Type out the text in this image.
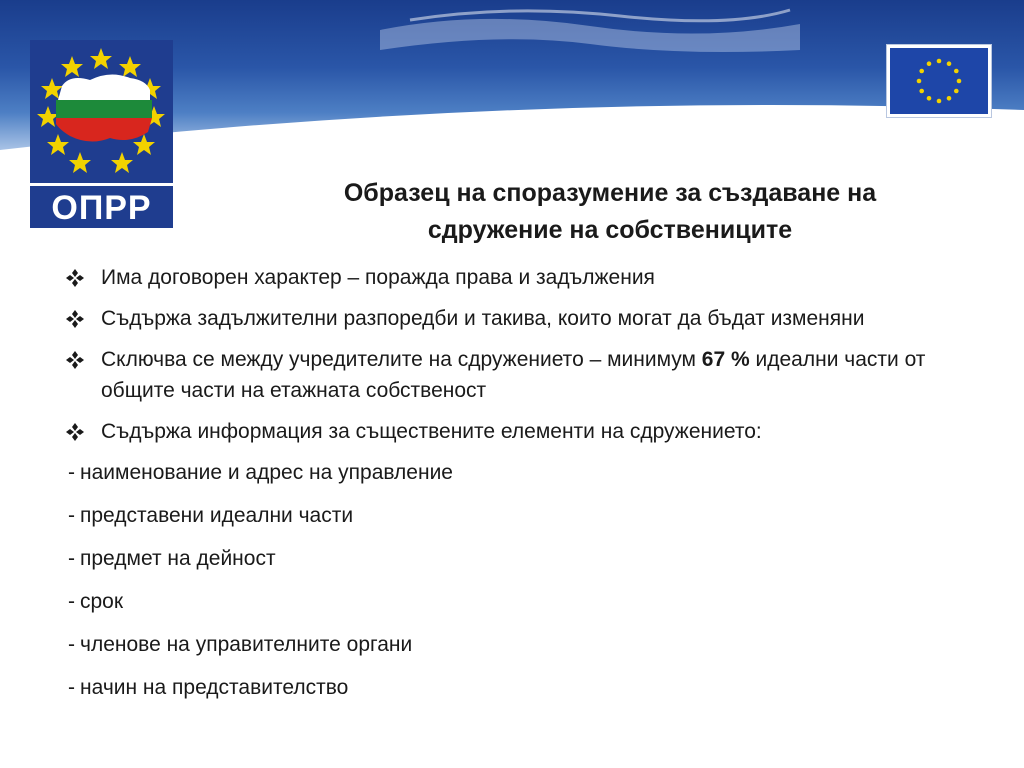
ОПРР	Образец на споразумение за създаване на
сдружение на собствениците
Има договорен характер – поражда права и задължения
Съдържа задължителни разпоредби и такива, които могат да бъдат изменяни
Сключва се между учредителите на сдружението – минимум 67 % идеални части от общите части на етажната собственост
Съдържа информация за съществените елементи на сдружението:
- наименование и адрес на управление
- представени идеални части
- предмет на дейност
- срок
- членове на управителните органи
- начин на представителство
